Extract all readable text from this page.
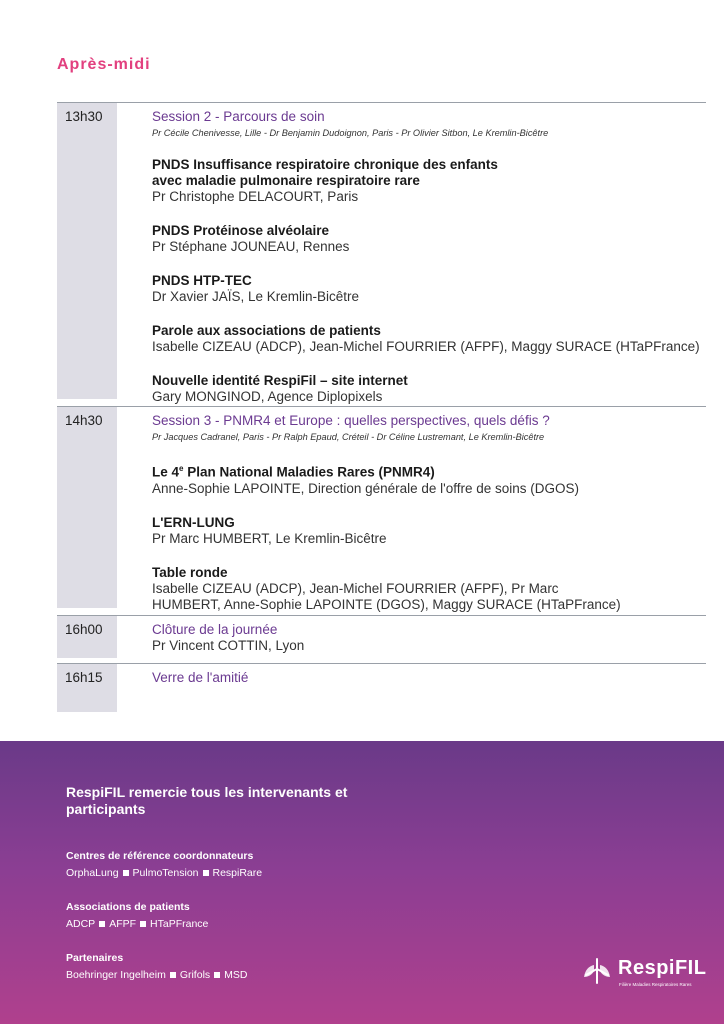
Après-midi
13h30	Session 2 - Parcours de soin
Pr Cécile Chenivesse, Lille - Dr Benjamin Dudoignon, Paris - Pr Olivier Sitbon, Le Kremlin-Bicêtre
PNDS Insuffisance respiratoire chronique des enfants avec maladie pulmonaire respiratoire rare
Pr Christophe DELACOURT, Paris
PNDS Protéinose alvéolaire
Pr Stéphane JOUNEAU, Rennes
PNDS HTP-TEC
Dr Xavier JAÏS, Le Kremlin-Bicêtre
Parole aux associations de patients
Isabelle CIZEAU (ADCP), Jean-Michel FOURRIER (AFPF), Maggy SURACE (HTaPFrance)
Nouvelle identité RespiFil – site internet
Gary MONGINOD, Agence Diplopixels
14h30	Session 3 - PNMR4 et Europe : quelles perspectives, quels défis ?
Pr Jacques Cadranel, Paris - Pr Ralph Epaud, Créteil - Dr Céline Lustremant, Le Kremlin-Bicêtre
Le 4e Plan National Maladies Rares (PNMR4)
Anne-Sophie LAPOINTE, Direction générale de l'offre de soins (DGOS)
L'ERN-LUNG
Pr Marc HUMBERT, Le Kremlin-Bicêtre
Table ronde
Isabelle CIZEAU (ADCP), Jean-Michel FOURRIER (AFPF), Pr Marc HUMBERT, Anne-Sophie LAPOINTE (DGOS), Maggy SURACE (HTaPFrance)
16h00	Clôture de la journée
Pr Vincent COTTIN, Lyon
16h15	Verre de l'amitié
RespiFIL remercie tous les intervenants et participants
Centres de référence coordonnateurs
OrphaLung PulmoTension RespiRare
Associations de patients
ADCP AFPF HTaPFrance
Partenaires
Boehringer Ingelheim Grifols MSD	RespiFIL
Filière Maladies Respiratoires Rares
